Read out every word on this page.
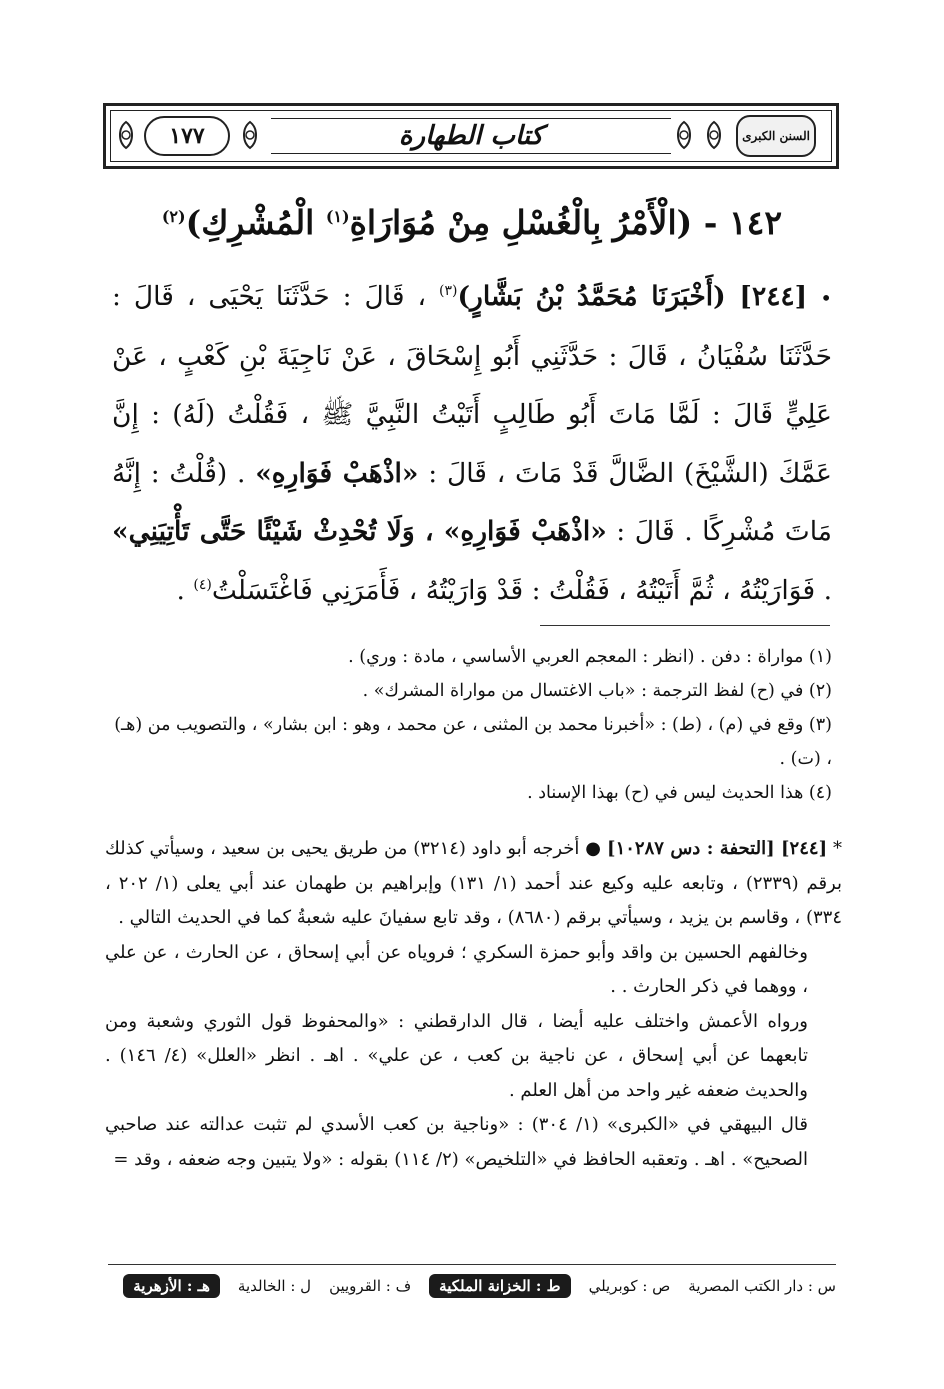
السنن الكبرى
كتاب الطهارة
١٧٧
١٤٢ - (الْأَمْرُ بِالْغُسْلِ مِنْ مُوَارَاةِ$^{(١)}$ الْمُشْرِكِ)$^{(٢)}$

• [٢٤٤] (أَخْبَرَنَا مُحَمَّدُ بْنُ بَشَّارٍ)$^{(٣)}$ ، قَالَ : حَدَّثَنَا يَحْيَى ، قَالَ : حَدَّثَنَا سُفْيَانُ ، قَالَ : حَدَّثَنِي أَبُو إِسْحَاقَ ، عَنْ نَاجِيَةَ بْنِ كَعْبٍ ، عَنْ عَلِيٍّ قَالَ : لَمَّا مَاتَ أَبُو طَالِبٍ أَتَيْتُ النَّبِيَّ ﷺ ، فَقُلْتُ (لَهُ) : إِنَّ عَمَّكَ (الشَّيْخَ) الضَّالَّ قَدْ مَاتَ ، قَالَ : «اذْهَبْ فَوَارِهِ» . (قُلْتُ : إِنَّهُ مَاتَ مُشْرِكًا . قَالَ : «اذْهَبْ فَوَارِهِ» ، وَلَا تُحْدِثْ شَيْئًا حَتَّى تَأْتِيَنِي» . فَوَارَيْتُهُ ، ثُمَّ أَتَيْتُهُ ، فَقُلْتُ : قَدْ وَارَيْتُهُ ، فَأَمَرَنِي فَاغْتَسَلْتُ$^{(٤)}$ .

(١) مواراة : دفن . (انظر : المعجم العربي الأساسي ، مادة : وري) .

(٢) في (ح) لفظ الترجمة : «باب الاغتسال من مواراة المشرك» .

(٣) وقع في (م) ، (ط) : «أخبرنا محمد بن المثنى ، عن محمد ، وهو : ابن بشار» ، والتصويب من (هـ) ، (ت) .

(٤) هذا الحديث ليس في (ح) بهذا الإسناد .

* [٢٤٤] [التحفة : دس ١٠٢٨٧] ● أخرجه أبو داود (٣٢١٤) من طريق يحيى بن سعيد ، وسيأتي كذلك برقم (٢٣٣٩) ، وتابعه عليه وكيع عند أحمد (١/ ١٣١) وإبراهيم بن طهمان عند أبي يعلى (١/ ٢٠٢ ، ٣٣٤) ، وقاسم بن يزيد ، وسيأتي برقم (٨٦٨٠) ، وقد تابع سفيانَ عليه شعبةُ كما في الحديث التالي .

وخالفهم الحسين بن واقد وأبو حمزة السكري ؛ فروياه عن أبي إسحاق ، عن الحارث ، عن علي ، ووهما في ذكر الحارث . .

ورواه الأعمش واختلف عليه أيضا ، قال الدارقطني : «والمحفوظ قول الثوري وشعبة ومن تابعهما عن أبي إسحاق ، عن ناجية بن كعب ، عن علي» . اهـ . انظر «العلل» (٤/ ١٤٦) . والحديث ضعفه غير واحد من أهل العلم .

قال البيهقي في «الكبرى» (١/ ٣٠٤) : «وناجية بن كعب الأسدي لم تثبت عدالته عند صاحبي الصحيح» . اهـ . وتعقبه الحافظ في «التلخيص» (٢/ ١١٤) بقوله : «ولا يتبين وجه ضعفه ، وقد =

س : دار الكتب المصرية
ص : كوبريلي
ط : الخزانة الملكية
ف : القرويين
ل : الخالدية
هـ : الأزهرية
